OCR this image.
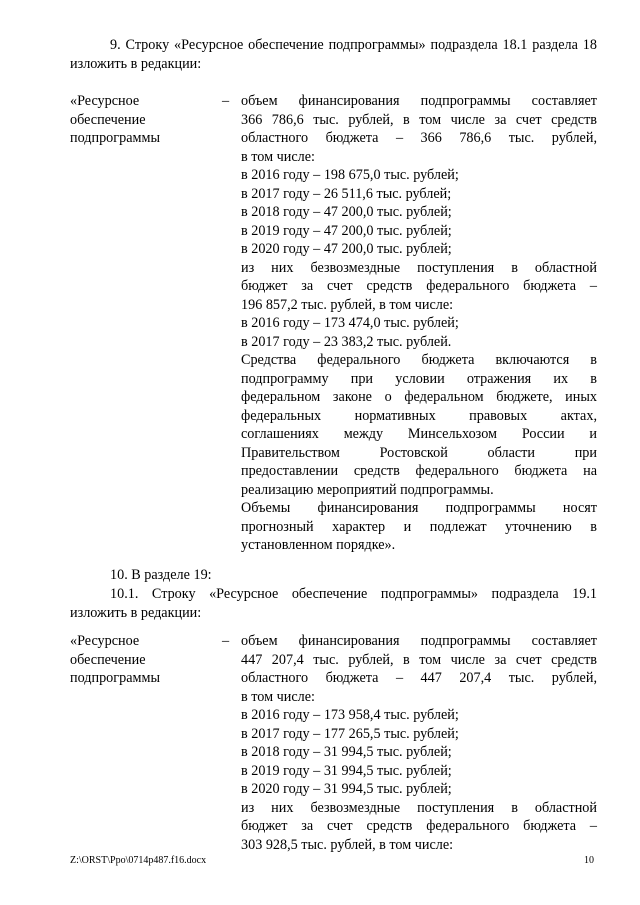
9. Строку «Ресурсное обеспечение подпрограммы» подраздела 18.1 раздела 18 изложить в редакции:
«Ресурсное обеспечение подпрограммы
– объем финансирования подпрограммы составляет

366 786,6 тыс. рублей, в том числе за счет средств

областного бюджета – 366 786,6 тыс. рублей,

в том числе:

в 2016 году – 198 675,0 тыс. рублей;

в 2017 году – 26 511,6 тыс. рублей;

в 2018 году – 47 200,0 тыс. рублей;

в 2019 году – 47 200,0 тыс. рублей;

в 2020 году – 47 200,0 тыс. рублей;

из них безвозмездные поступления в областной

бюджет за счет средств федерального бюджета –

196 857,2 тыс. рублей, в том числе:

в 2016 году – 173 474,0 тыс. рублей;

в 2017 году – 23 383,2 тыс. рублей.

Средства федерального бюджета включаются в

подпрограмму при условии отражения их в

федеральном законе о федеральном бюджете, иных

федеральных нормативных правовых актах,

соглашениях между Минсельхозом России и

Правительством Ростовской области при

предоставлении средств федерального бюджета на

реализацию мероприятий подпрограммы.

Объемы финансирования подпрограммы носят

прогнозный характер и подлежат уточнению в

установленном порядке».

10. В разделе 19:
10.1. Строку «Ресурсное обеспечение подпрограммы» подраздела 19.1 изложить в редакции:
«Ресурсное обеспечение подпрограммы
– объем финансирования подпрограммы составляет

447 207,4 тыс. рублей, в том числе за счет средств

областного бюджета – 447 207,4 тыс. рублей,

в том числе:

в 2016 году – 173 958,4 тыс. рублей;

в 2017 году – 177 265,5 тыс. рублей;

в 2018 году – 31 994,5 тыс. рублей;

в 2019 году – 31 994,5 тыс. рублей;

в 2020 году – 31 994,5 тыс. рублей;

из них безвозмездные поступления в областной

бюджет за счет средств федерального бюджета –

303 928,5 тыс. рублей, в том числе:

Z:\ORST\Ppo\0714p487.f16.docx	10
